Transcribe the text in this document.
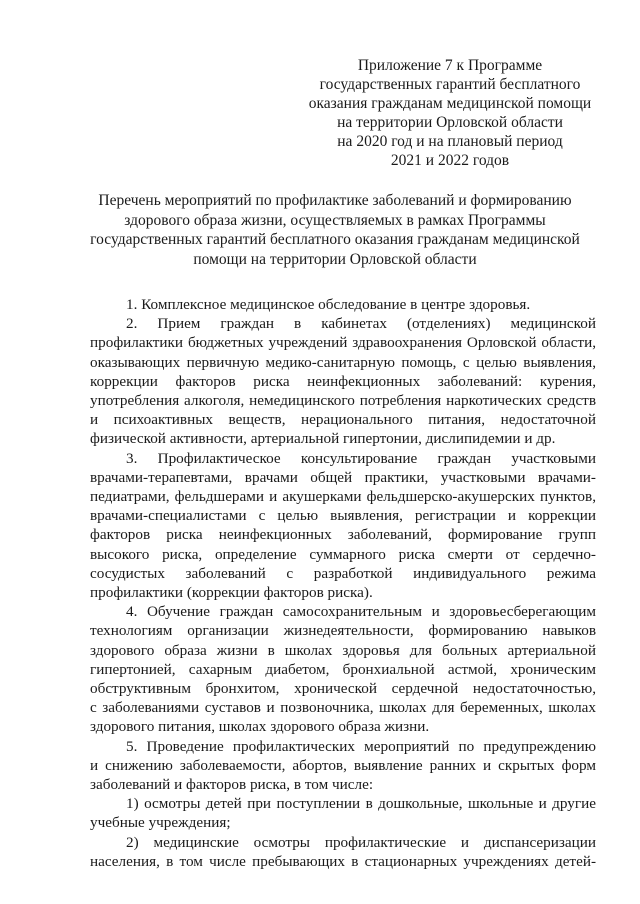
Приложение 7 к Программе
государственных гарантий бесплатного
оказания гражданам медицинской помощи
на территории Орловской области
на 2020 год и на плановый период
2021 и 2022 годов
Перечень мероприятий по профилактике заболеваний и формированию
здорового образа жизни, осуществляемых в рамках Программы
государственных гарантий бесплатного оказания гражданам медицинской
помощи на территории Орловской области
1. Комплексное медицинское обследование в центре здоровья.
2. Прием граждан в кабинетах (отделениях) медицинской
профилактики бюджетных учреждений здравоохранения Орловской области,
оказывающих первичную медико-санитарную помощь, с целью выявления,
коррекции факторов риска неинфекционных заболеваний: курения,
употребления алкоголя, немедицинского потребления наркотических средств
и психоактивных веществ, нерационального питания, недостаточной
физической активности, артериальной гипертонии, дислипидемии и др.
3. Профилактическое консультирование граждан участковыми
врачами-терапевтами, врачами общей практики, участковыми врачами-
педиатрами, фельдшерами и акушерками фельдшерско-акушерских пунктов,
врачами-специалистами с целью выявления, регистрации и коррекции
факторов риска неинфекционных заболеваний, формирование групп
высокого риска, определение суммарного риска смерти от сердечно-
сосудистых заболеваний с разработкой индивидуального режима
профилактики (коррекции факторов риска).
4. Обучение граждан самосохранительным и здоровьесберегающим
технологиям организации жизнедеятельности, формированию навыков
здорового образа жизни в школах здоровья для больных артериальной
гипертонией, сахарным диабетом, бронхиальной астмой, хроническим
обструктивным бронхитом, хронической сердечной недостаточностью,
с заболеваниями суставов и позвоночника, школах для беременных, школах
здорового питания, школах здорового образа жизни.
5. Проведение профилактических мероприятий по предупреждению
и снижению заболеваемости, абортов, выявление ранних и скрытых форм
заболеваний и факторов риска, в том числе:
1) осмотры детей при поступлении в дошкольные, школьные и другие
учебные учреждения;
2) медицинские осмотры профилактические и диспансеризации
населения, в том числе пребывающих в стационарных учреждениях детей-
